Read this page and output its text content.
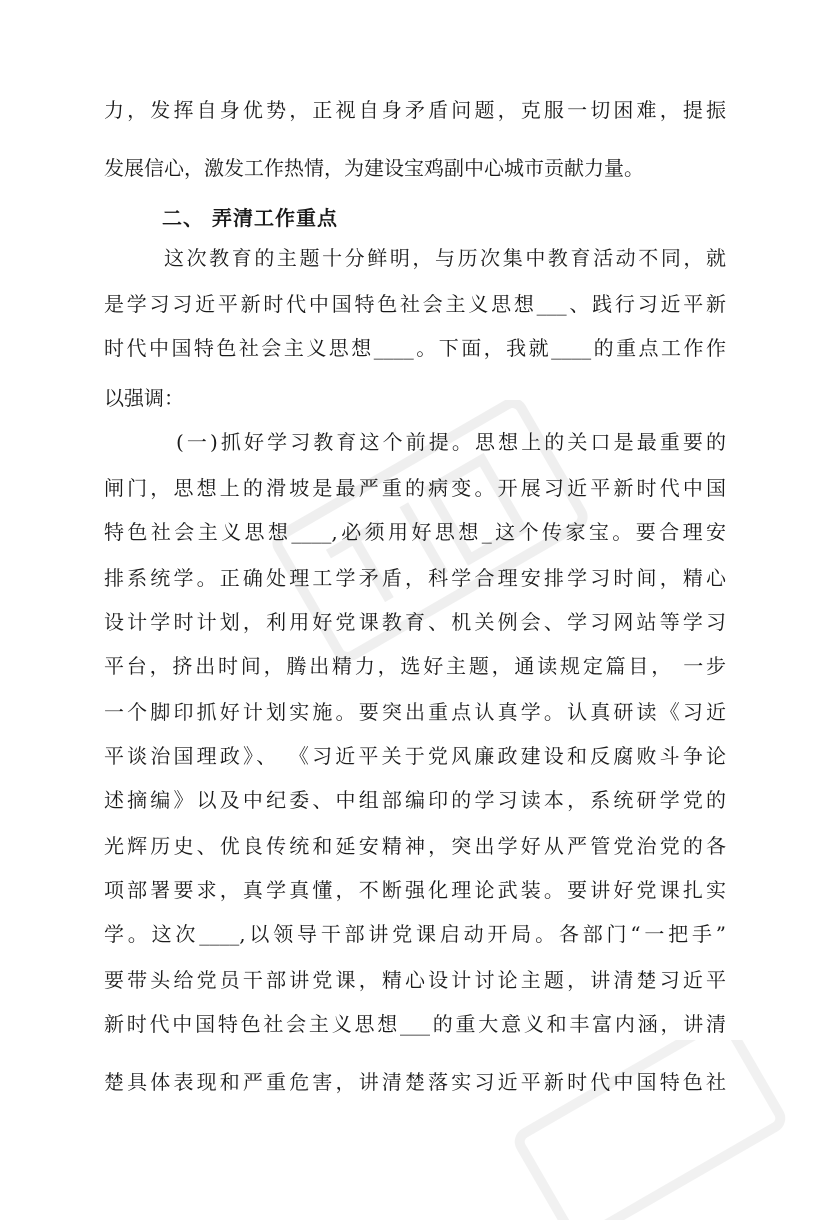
力，发挥自身优势，正视自身矛盾问题，克服一切困难，提振
发展信心，激发工作热情，为建设宝鸡副中心城市贡献力量。
二、 弄清工作重点
这次教育的主题十分鲜明，与历次集中教育活动不同，就
是学习习近平新时代中国特色社会主义思想___、践行习近平新
时代中国特色社会主义思想____。下面，我就____的重点工作作
以强调：
(一)抓好学习教育这个前提。思想上的关口是最重要的
闸门，思想上的滑坡是最严重的病变。开展习近平新时代中国
特色社会主义思想____,必须用好思想_这个传家宝。要合理安
排系统学。正确处理工学矛盾，科学合理安排学习时间，精心
设计学时计划，利用好党课教育、机关例会、学习网站等学习
平台，挤出时间，腾出精力，选好主题，通读规定篇目， 一步
一个脚印抓好计划实施。要突出重点认真学。认真研读《习近
平谈治国理政》、 《习近平关于党风廉政建设和反腐败斗争论
述摘编》以及中纪委、中组部编印的学习读本，系统研学党的
光辉历史、优良传统和延安精神，突出学好从严管党治党的各
项部署要求，真学真懂，不断强化理论武装。要讲好党课扎实
学。这次____,以领导干部讲党课启动开局。各部门“一把手”
要带头给党员干部讲党课，精心设计讨论主题，讲清楚习近平
新时代中国特色社会主义思想___的重大意义和丰富内涵，讲清
楚具体表现和严重危害，讲清楚落实习近平新时代中国特色社
